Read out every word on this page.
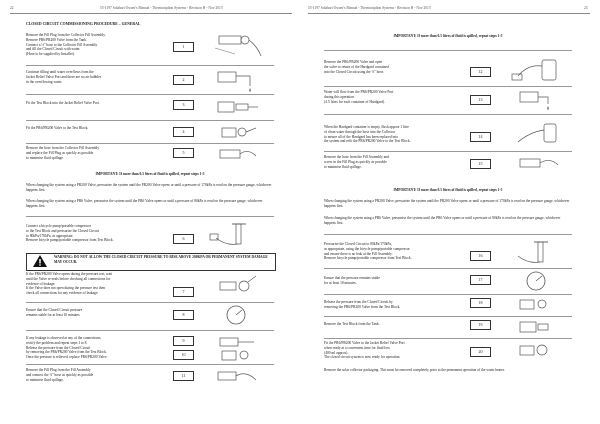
22	55-1197 Solahart Owner's Manual - Thermosiphon Systems - Revision H - Nov 2015
CLOSED CIRCUIT COMMISSIONING PROCEDURE – GENERAL
Remove the Fill Plug from the Collector Fill Assembly.
Remove PR6/PR200 Valve from the Tank.
Connect a ½" hose to the Collector Fill Assembly
and fill the Closed Circuit with water.
(Hose to be supplied by Installer).
1
Continue filling until water overflows from the
Jacket Relief Valve Port and there are no air bubbles
in the overflowing water.	2
Fit the Test Block into the Jacket Relief Valve Port.	3
Fit the PR6/PR200 Valve to the Test Block.
4
Remove the hose from the Collector Fill Assembly
and replace the Fill Plug as quickly as possible
to minimise fluid spillage.
5
IMPORTANT: If more than 0.5 litres of fluid is spilled, repeat steps 1-5
When changing the system using a PR200 Valve, pressurise the system until the PR200 Valve opens or until a pressure of 170kPa is read on the pressure gauge, whichever happens first.
When changing the system using a PR6 Valve, pressurise the system until the PR6 Valve opens or until a pressure of 80kPa is read on the pressure gauge, whichever happens first.
Connect a bicycle pump/portable compressor
to the Test Block and pressurise the Closed Circuit
to 80kPa/170kPa, as appropriate.
Remove bicycle pump/portable compressor from Test Block.	6
WARNING: DO NOT ALLOW THE CLOSED CIRCUIT PRESSURE TO RISE ABOVE 200KPA OR PERMANENT SYSTEM DAMAGE MAY OCCUR.
If the PR6/PR200 Valve opens during the pressure test, wait
until the Valve re-seals before checking all connections for
evidence of leakage.
If the Valve does not open during the pressure test then
check all connections for any evidence of leakage.	7
Ensure that the Closed Circuit pressure
remains stable for at least 10 minutes.	8
If any leakage is observed at any of the connections,
rectify the problem and repeat steps 1 to 8.
Release the pressure from the Closed Circuit
9
by removing the PR6/PR200 Valve from the Test Block.
Once the pressure is relieved, replace PR6/PR200 Valve.	10
Remove the Fill Plug from the Fill Assembly
and connect the ½" hose as quickly as possible
to minimise fluid spillage.
11
55-1197 Solahart Owner's Manual - Thermosiphon Systems - Revision H - Nov 2015	23
IMPORTANT: If more than 0.5 litres of fluid is spilled, repeat steps 1-5
Remove the PR6/PR200 Valve and open
the valve to return of the Hardgard contained
into the Closed Circuit using the ½" hose.	12
Water will flow from the PR6/PR200 Valve Port
during this operation.
(4.5 litres for each container of Hardgard).	13
When the Hardgard container is empty, flush approx 1 litre
of clean water through the hose into the Collector
to ensure all of the Hardgard has been replaced into
the system and refit the PR6/PR200 Valve to the Test Block.
14
Remove the hose from the Fill Assembly and
screw in the Fill Plug as quickly as possible
to minimise fluid spillage.
15
IMPORTANT: If more than 0.5 litres of fluid is spilled, repeat steps 1-5
When changing the system using a PR200 Valve, pressurise the system until the PR200 Valve opens or until a pressure of 170kPa is read on the pressure gauge, whichever happens first.
When changing the system using a PR6 Valve, pressurise the system until the PR6 Valve opens or until a pressure of 80kPa is read on the pressure gauge, whichever happens first.
Pressurise the Closed Circuit to 80kPa/170kPa,
as appropriate, using the bicycle pump/portable compressor
and ensure there is no leak at the Fill Assembly.
Remove bicycle pump/portable compressor from Test Block.
16
Ensure that the pressure remains stable
for at least 10 minutes.
17
Release the pressure from the Closed Circuit by
removing the PR6/PR200 Valve from the Test Block.
18
Remove the Test Block from the Tank.	19
Fit the PR6/PR200 Valve to the Jacket Relief Valve Port
when ready at a convenient time for fluid loss
(400 ml approx).
The closed circuit system is now ready for operation.
20
Remove the solar collector packaging. This must be removed completely prior to the permanent operation of the water heater.
